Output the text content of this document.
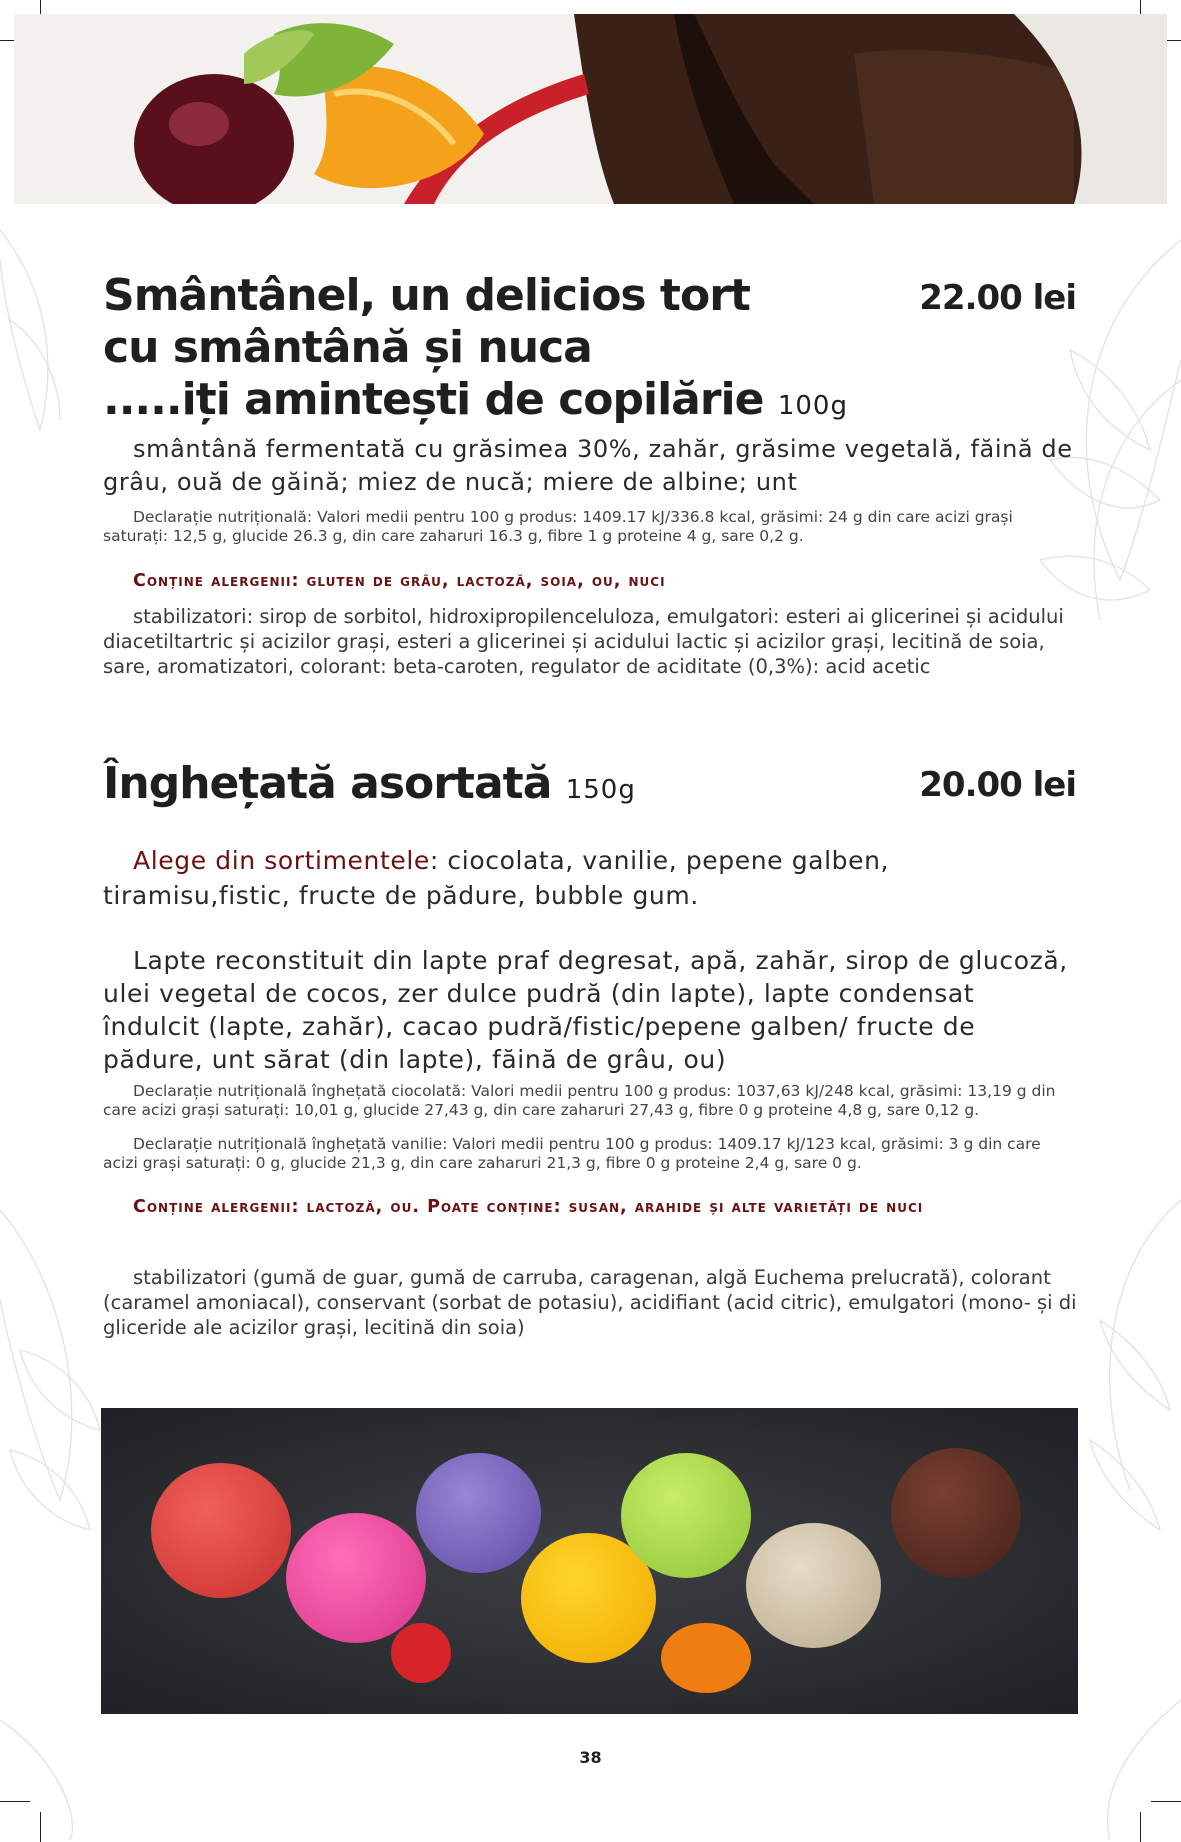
Smântânel, un delicios tort
cu smântână și nuca
.....iți amintești de copilărie 100g
22.00 lei
smântână fermentată cu grăsimea 30%, zahăr, grăsime vegetală, făină de grâu, ouă de găină; miez de nucă; miere de albine; unt
Declarație nutrițională: Valori medii pentru 100 g produs: 1409.17 kJ/336.8 kcal, grăsimi: 24 g din care acizi grași saturați: 12,5 g, glucide 26.3 g, din care zaharuri 16.3 g, fibre 1 g proteine 4 g, sare 0,2 g.
Conține alergenii: gluten de grâu, lactoză, soia, ou, nuci
stabilizatori: sirop de sorbitol, hidroxipropilenceluloza, emulgatori: esteri ai glicerinei și acidului diacetiltartric și acizilor grași, esteri a glicerinei și acidului lactic și acizilor grași, lecitină de soia, sare, aromatizatori, colorant: beta-caroten, regulator de aciditate (0,3%): acid acetic
Înghețată asortată 150g	20.00 lei
Alege din sortimentele: ciocolata, vanilie, pepene galben, tiramisu,fistic, fructe de pădure, bubble gum.
Lapte reconstituit din lapte praf degresat, apă, zahăr, sirop de glucoză, ulei vegetal de cocos, zer dulce pudră (din lapte), lapte condensat îndulcit (lapte, zahăr), cacao pudră/fistic/pepene galben/ fructe de pădure, unt sărat (din lapte), făină de grâu, ou)
Declarație nutrițională înghețată ciocolată: Valori medii pentru 100 g produs: 1037,63 kJ/248 kcal, grăsimi: 13,19 g din care acizi grași saturați: 10,01 g, glucide 27,43 g, din care zaharuri 27,43 g, fibre 0 g proteine 4,8 g, sare 0,12 g.
Declarație nutrițională înghețată vanilie: Valori medii pentru 100 g produs: 1409.17 kJ/123 kcal, grăsimi: 3 g din care acizi grași saturați: 0 g, glucide 21,3 g, din care zaharuri 21,3 g, fibre 0 g proteine 2,4 g, sare 0 g.
Conține alergenii: lactoză, ou. Poate conține: susan, arahide și alte varietăți de nuci
stabilizatori (gumă de guar, gumă de carruba, caragenan, algă Euchema prelucrată), colorant (caramel amoniacal), conservant (sorbat de potasiu), acidifiant (acid citric), emulgatori (mono- și di gliceride ale acizilor grași, lecitină din soia)
38
